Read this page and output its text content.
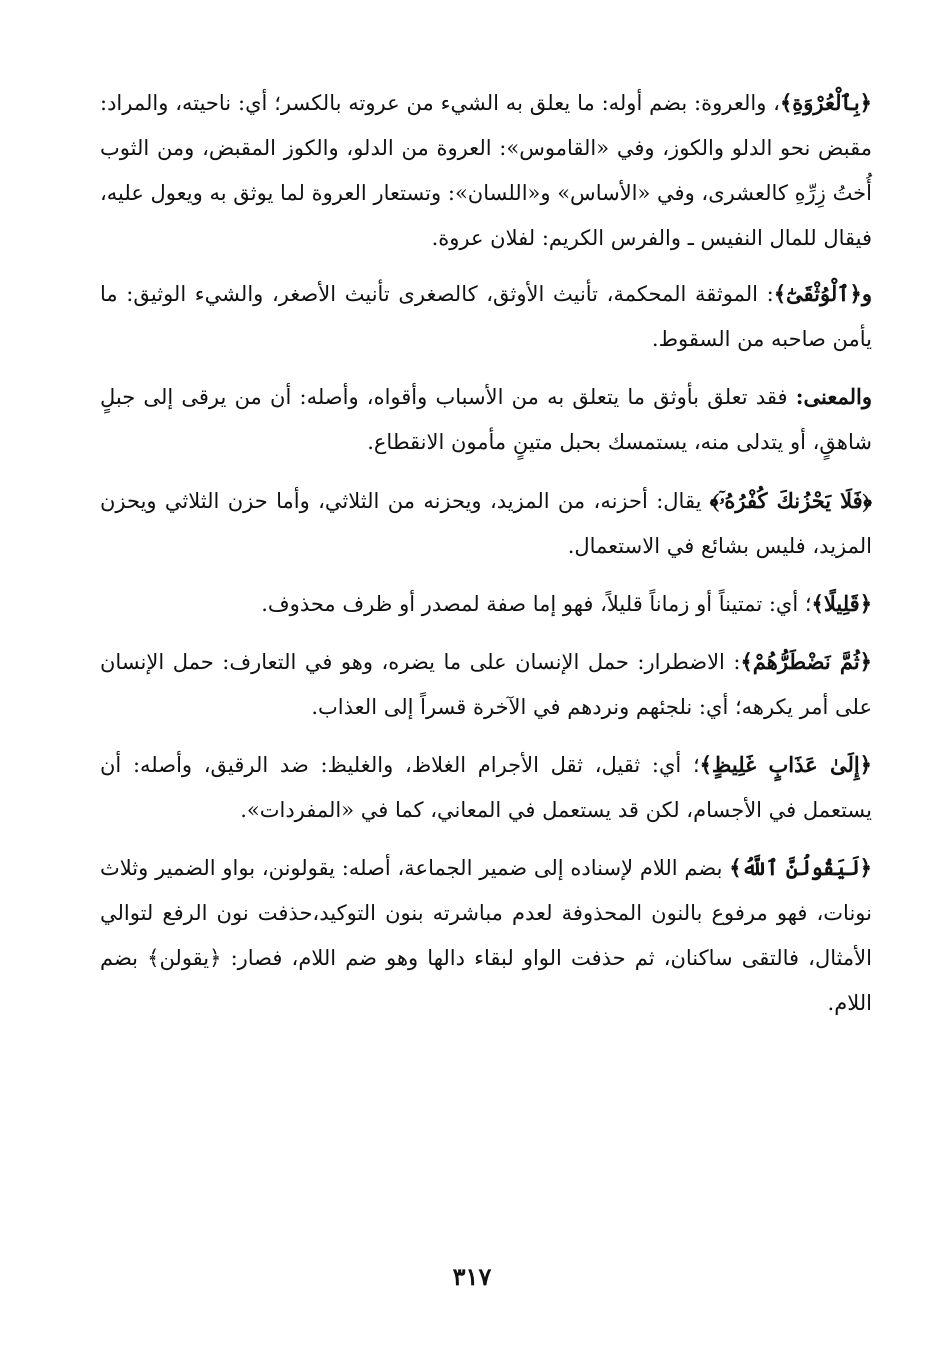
﴿بِٱلْعُرْوَةِ﴾، والعروة: بضم أوله: ما يعلق به الشيء من عروته بالكسر؛ أي: ناحيته، والمراد: مقبض نحو الدلو والكوز، وفي «القاموس»: العروة من الدلو، والكوز المقبض، ومن الثوب أُختُ زِرِّهِ كالعشرى، وفي «الأساس» و«اللسان»: وتستعار العروة لما يوثق به ويعول عليه، فيقال للمال النفيس ـ والفرس الكريم: لفلان عروة.

و﴿ٱلْوُثْقَىٰٓ﴾: الموثقة المحكمة، تأنيث الأوثق، كالصغرى تأنيث الأصغر، والشيء الوثيق: ما يأمن صاحبه من السقوط.

والمعنى: فقد تعلق بأوثق ما يتعلق به من الأسباب وأقواه، وأصله: أن من يرقى إلى جبلٍ شاهقٍ، أو يتدلى منه، يستمسك بحبل متينٍ مأمون الانقطاع.

﴿فَلَا يَحْزُنكَ كُفْرُهُۥٓ﴾ يقال: أحزنه، من المزيد، ويحزنه من الثلاثي، وأما حزن الثلاثي ويحزن المزيد، فليس بشائع في الاستعمال.

﴿قَلِيلًا﴾؛ أي: تمتيناً أو زماناً قليلاً، فهو إما صفة لمصدر أو ظرف محذوف.

﴿ثُمَّ نَضْطَرُّهُمْ﴾: الاضطرار: حمل الإنسان على ما يضره، وهو في التعارف: حمل الإنسان على أمر يكرهه؛ أي: نلجئهم ونردهم في الآخرة قسراً إلى العذاب.

﴿إِلَىٰ عَذَابٍ غَلِيظٍ﴾؛ أي: ثقيل، ثقل الأجرام الغلاظ، والغليظ: ضد الرقيق، وأصله: أن يستعمل في الأجسام، لكن قد يستعمل في المعاني، كما في «المفردات».

﴿لَيَقُولُنَّ ٱللَّهُ﴾ بضم اللام لإسناده إلى ضمير الجماعة، أصله: يقولونن، بواو الضمير وثلاث نونات، فهو مرفوع بالنون المحذوفة لعدم مباشرته بنون التوكيد،حذفت نون الرفع لتوالي الأمثال، فالتقى ساكنان، ثم حذفت الواو لبقاء دالها وهو ضم اللام، فصار: ﴿يقولن﴾ بضم اللام.

٣١٧
